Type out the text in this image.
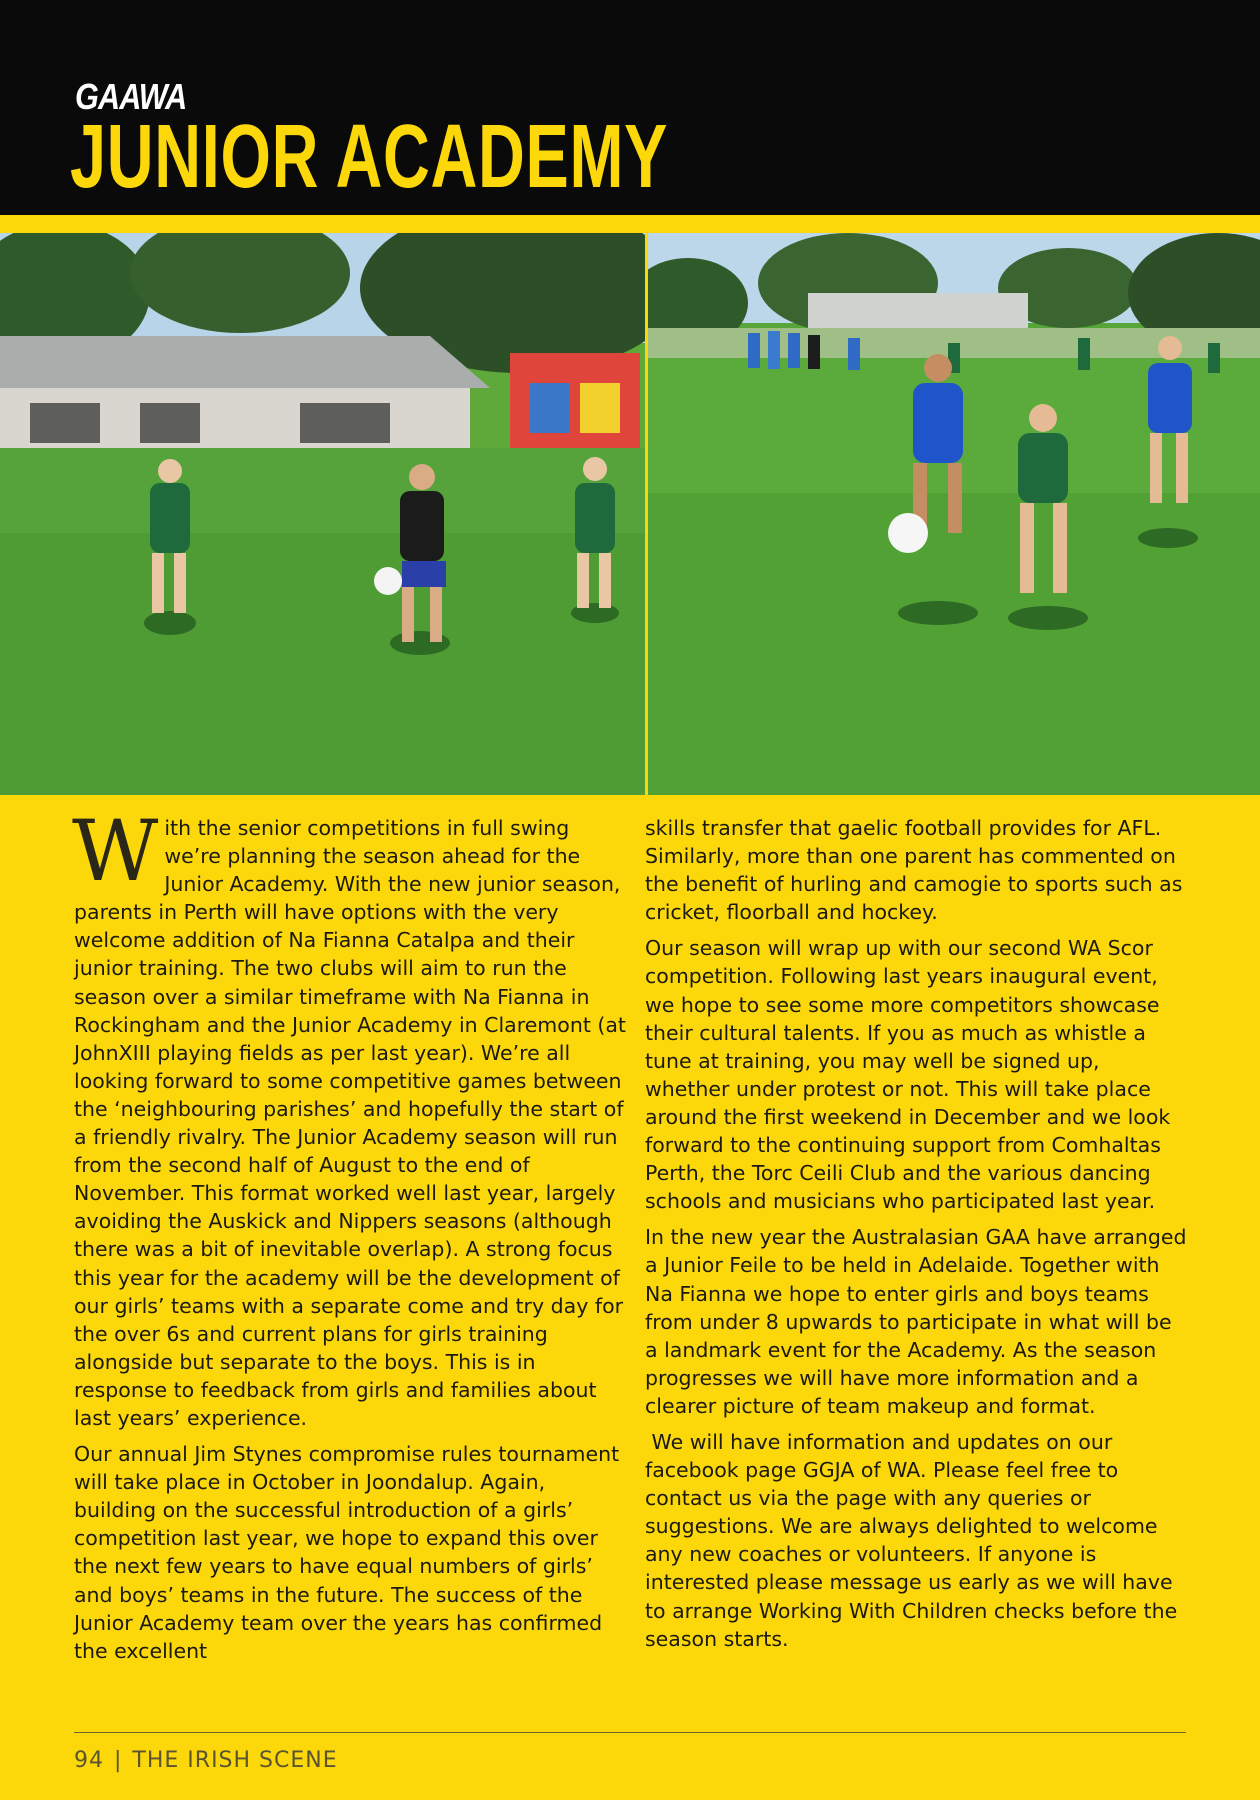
GAAWA
JUNIOR ACADEMY

With the senior competitions in full swing we’re planning the season ahead for the Junior Academy. With the new junior season, parents in Perth will have options with the very welcome addition of Na Fianna Catalpa and their junior training. The two clubs will aim to run the season over a similar timeframe with Na Fianna in Rockingham and the Junior Academy in Claremont (at JohnXIII playing fields as per last year). We’re all looking forward to some competitive games between the ‘neighbouring parishes’ and hopefully the start of a friendly rivalry. The Junior Academy season will run from the second half of August to the end of November. This format worked well last year, largely avoiding the Auskick and Nippers seasons (although there was a bit of inevitable overlap). A strong focus this year for the academy will be the development of our girls’ teams with a separate come and try day for the over 6s and current plans for girls training alongside but separate to the boys. This is in response to feedback from girls and families about last years’ experience.

Our annual Jim Stynes compromise rules tournament will take place in October in Joondalup. Again, building on the successful introduction of a girls’ competition last year, we hope to expand this over the next few years to have equal numbers of girls’ and boys’ teams in the future. The success of the Junior Academy team over the years has confirmed the excellent

skills transfer that gaelic football provides for AFL. Similarly, more than one parent has commented on the benefit of hurling and camogie to sports such as cricket, floorball and hockey.

Our season will wrap up with our second WA Scor competition. Following last years inaugural event, we hope to see some more competitors showcase their cultural talents. If you as much as whistle a tune at training, you may well be signed up, whether under protest or not. This will take place around the first weekend in December and we look forward to the continuing support from Comhaltas Perth, the Torc Ceili Club and the various dancing schools and musicians who participated last year.

In the new year the Australasian GAA have arranged a Junior Feile to be held in Adelaide. Together with Na Fianna we hope to enter girls and boys teams from under 8 upwards to participate in what will be a landmark event for the Academy. As the season progresses we will have more information and a clearer picture of team makeup and format.

We will have information and updates on our facebook page GGJA of WA. Please feel free to contact us via the page with any queries or suggestions. We are always delighted to welcome any new coaches or volunteers. If anyone is interested please message us early as we will have to arrange Working With Children checks before the season starts.

94 | THE IRISH SCENE
